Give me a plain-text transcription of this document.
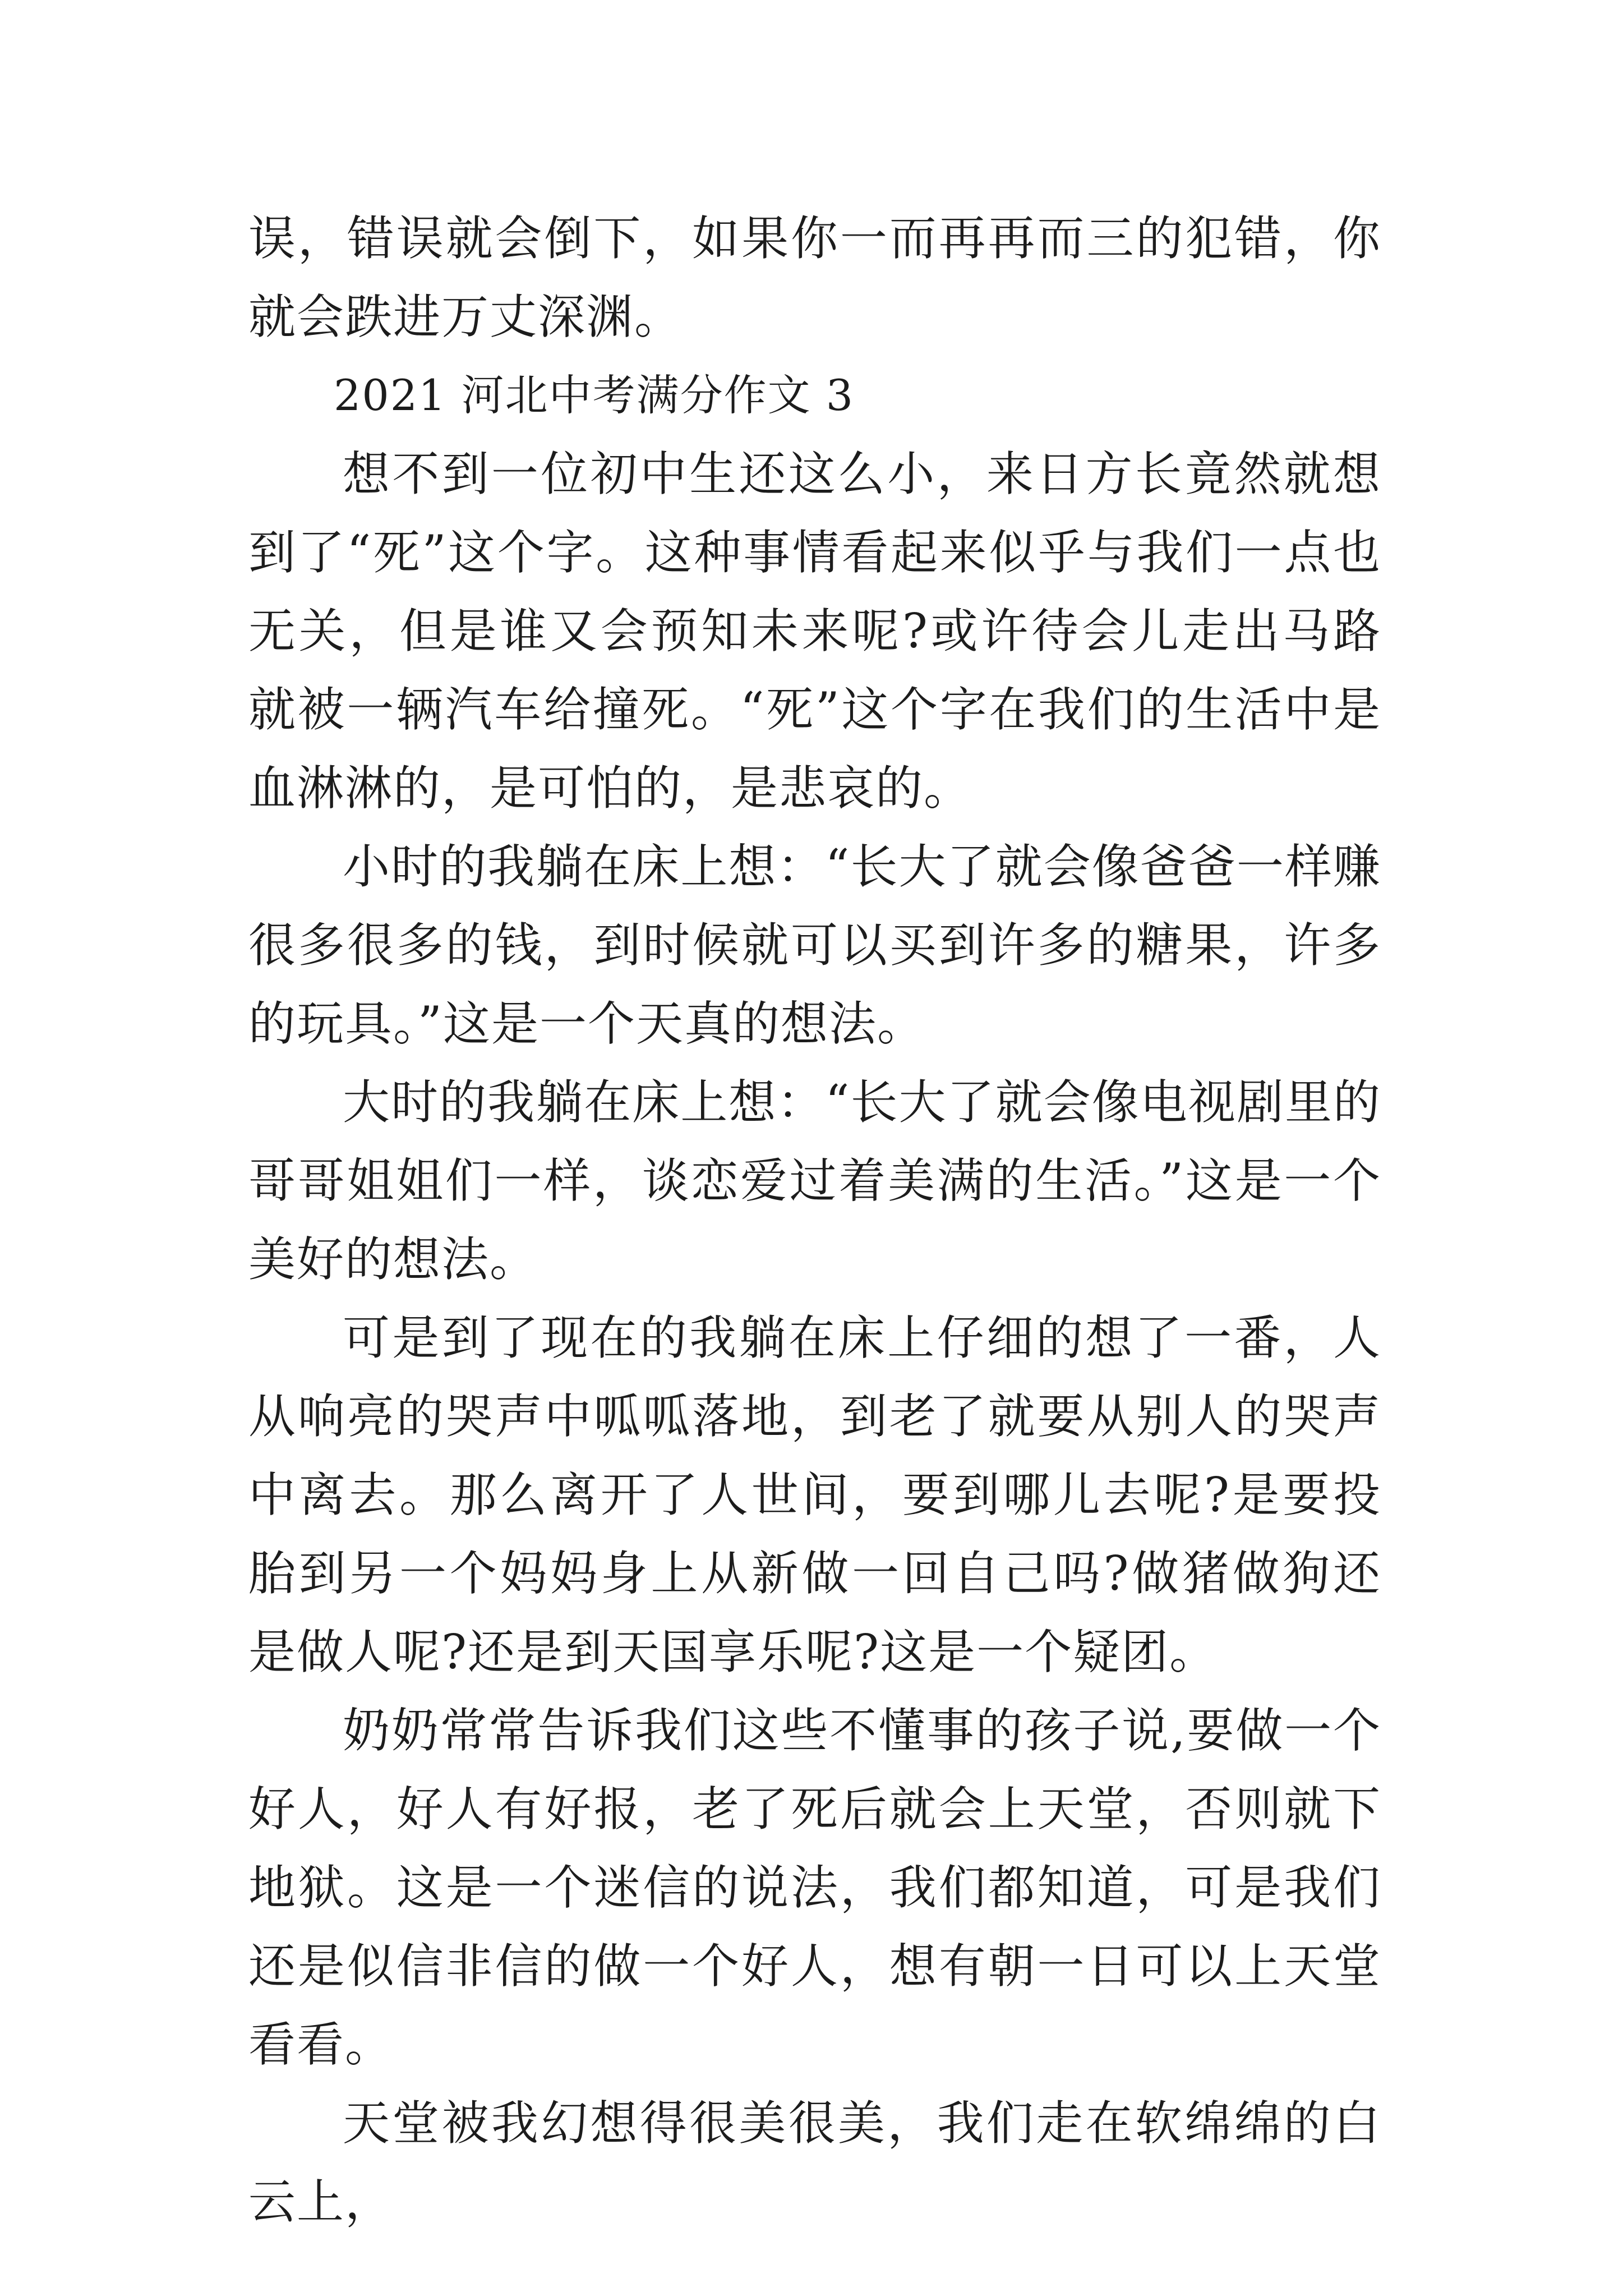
误，错误就会倒下，如果你一而再再而三的犯错，你就会跌进万丈深渊。

2021 河北中考满分作文 3

想不到一位初中生还这么小，来日方长竟然就想到了“死”这个字。这种事情看起来似乎与我们一点也无关，但是谁又会预知未来呢?或许待会儿走出马路就被一辆汽车给撞死。“死”这个字在我们的生活中是血淋淋的，是可怕的，是悲哀的。

小时的我躺在床上想：“长大了就会像爸爸一样赚很多很多的钱，到时候就可以买到许多的糖果，许多的玩具。”这是一个天真的想法。

大时的我躺在床上想：“长大了就会像电视剧里的哥哥姐姐们一样，谈恋爱过着美满的生活。”这是一个美好的想法。

可是到了现在的我躺在床上仔细的想了一番，人从响亮的哭声中呱呱落地，到老了就要从别人的哭声中离去。那么离开了人世间，要到哪儿去呢?是要投胎到另一个妈妈身上从新做一回自己吗?做猪做狗还是做人呢?还是到天国享乐呢?这是一个疑团。

奶奶常常告诉我们这些不懂事的孩子说,要做一个好人，好人有好报，老了死后就会上天堂，否则就下地狱。这是一个迷信的说法，我们都知道，可是我们还是似信非信的做一个好人，想有朝一日可以上天堂看看。

天堂被我幻想得很美很美，我们走在软绵绵的白云上，
